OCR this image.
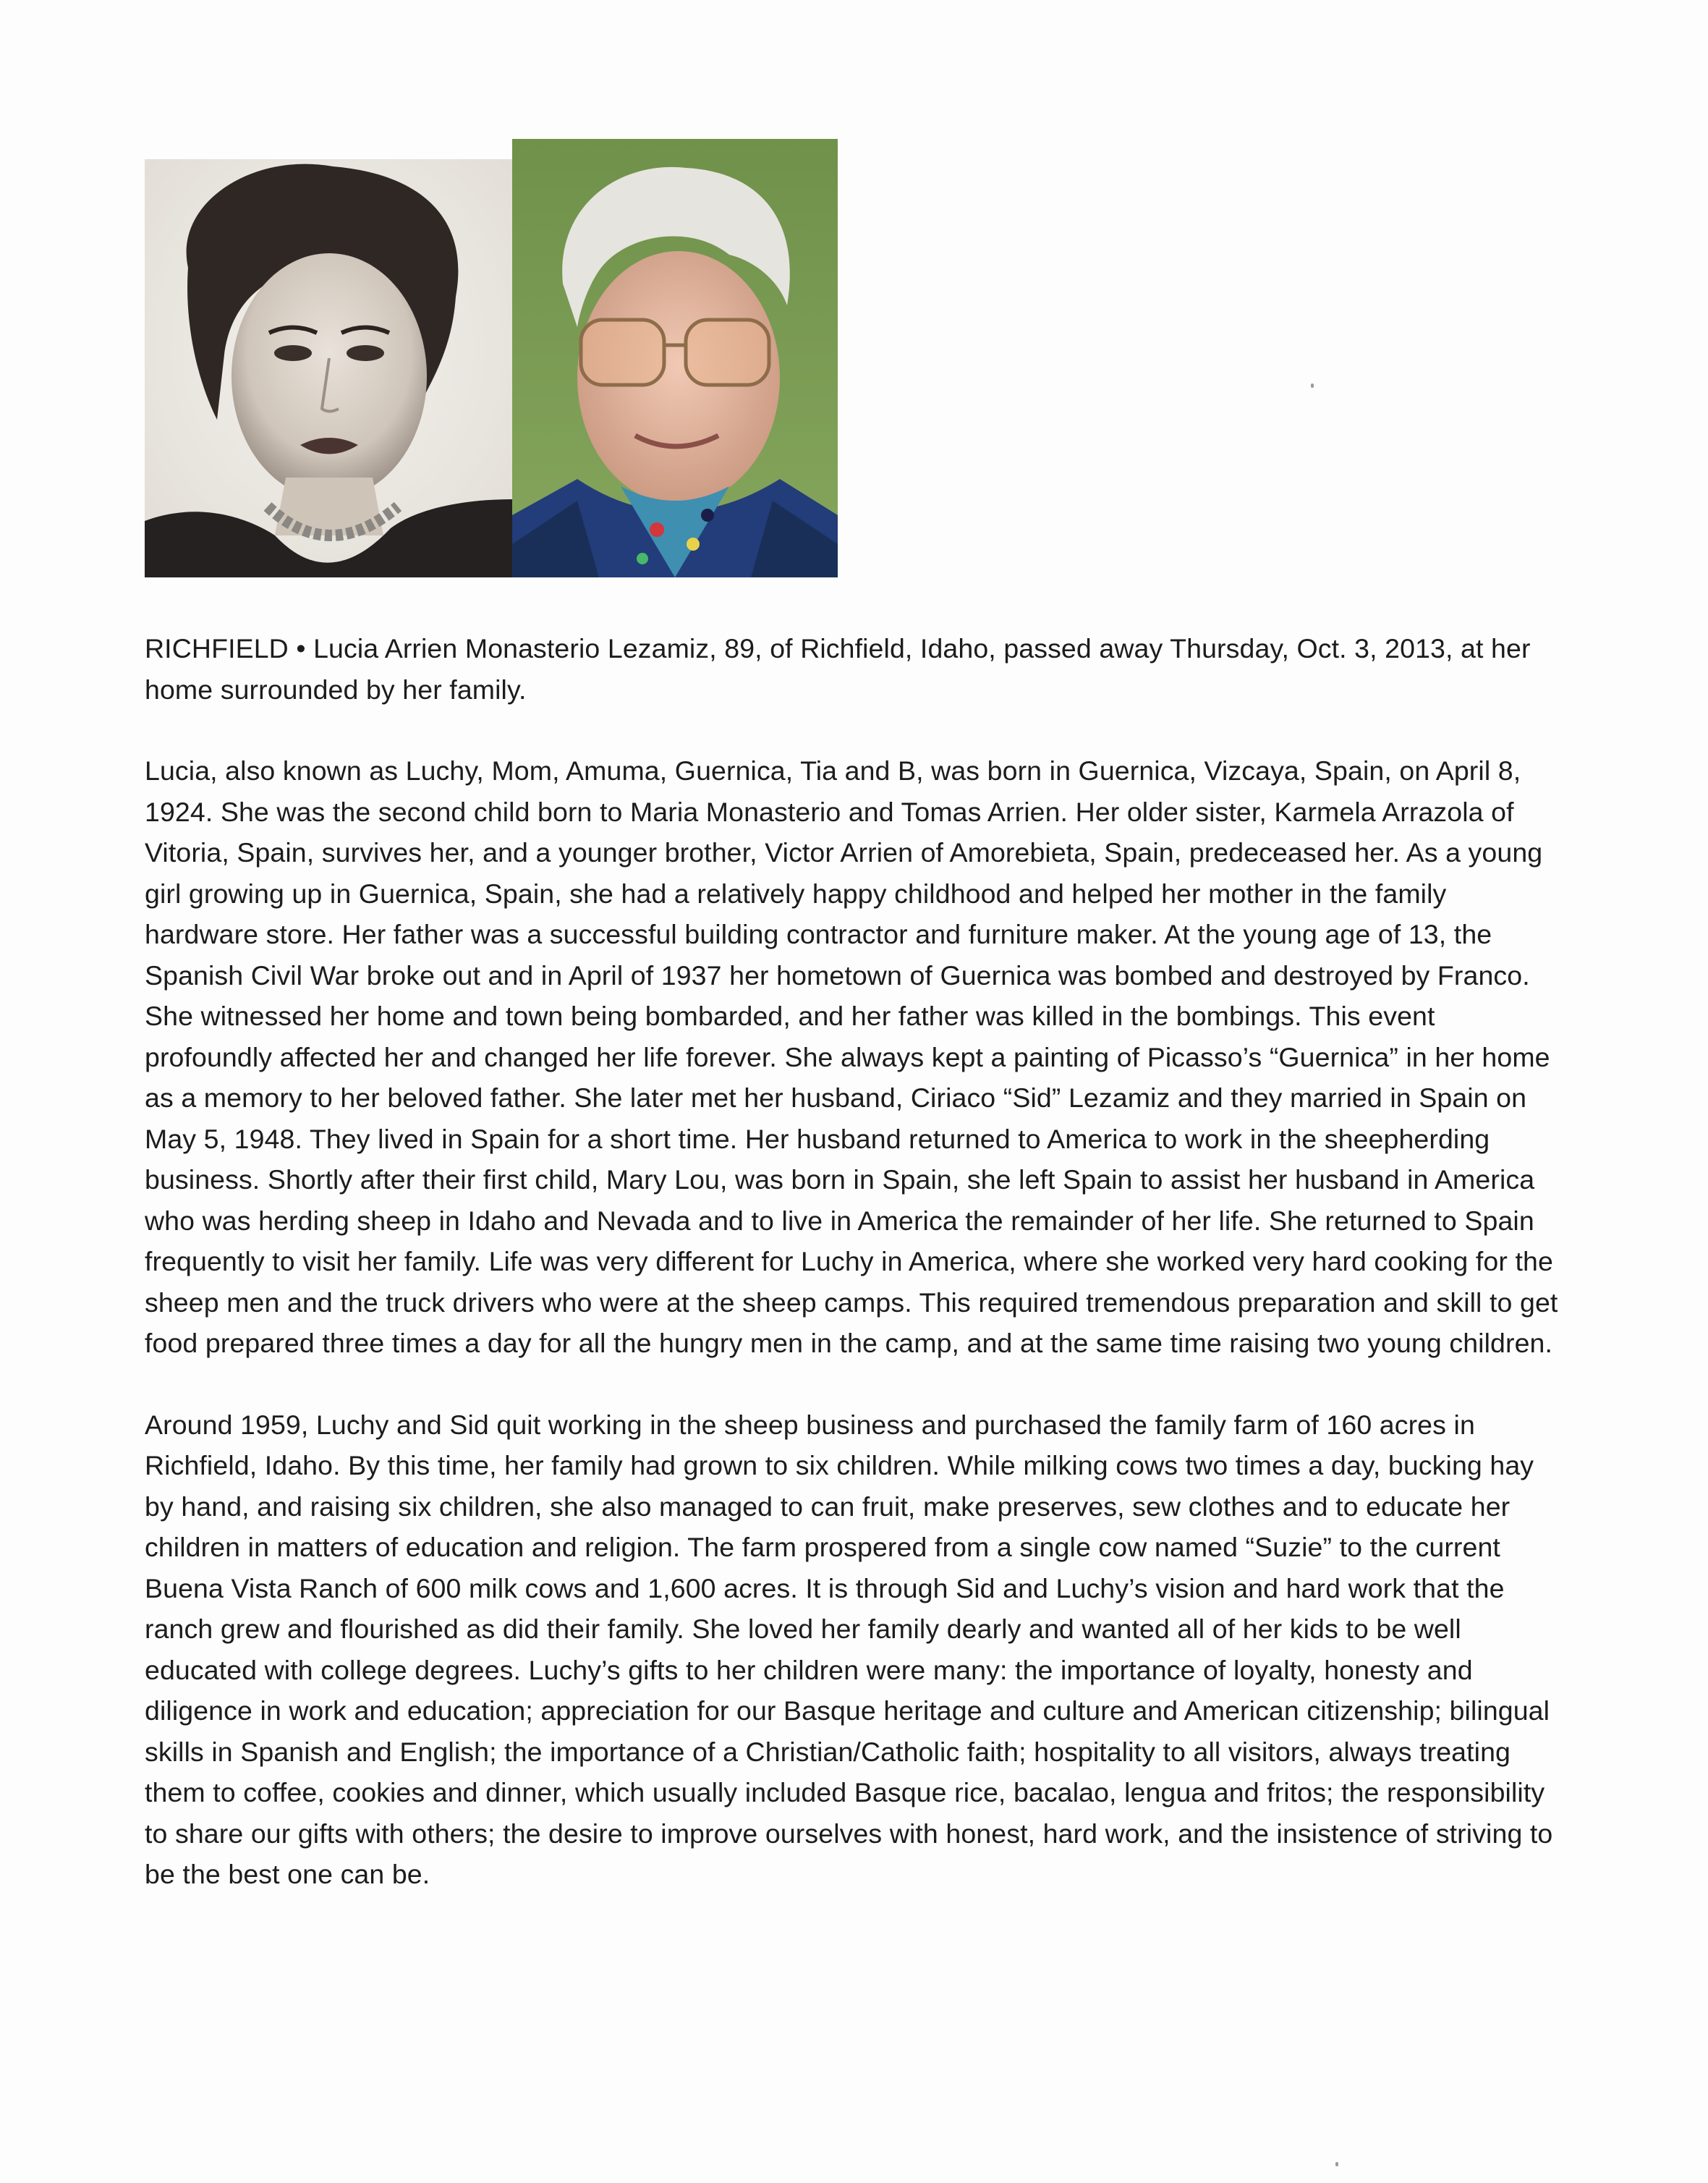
RICHFIELD • Lucia Arrien Monasterio Lezamiz, 89, of Richfield, Idaho, passed away Thursday, Oct. 3, 2013, at her home surrounded by her family.

Lucia, also known as Luchy, Mom, Amuma, Guernica, Tia and B, was born in Guernica, Vizcaya, Spain, on April 8, 1924. She was the second child born to Maria Monasterio and Tomas Arrien. Her older sister, Karmela Arrazola of Vitoria, Spain, survives her, and a younger brother, Victor Arrien of Amorebieta, Spain, predeceased her. As a young girl growing up in Guernica, Spain, she had a relatively happy childhood and helped her mother in the family hardware store. Her father was a successful building contractor and furniture maker. At the young age of 13, the Spanish Civil War broke out and in April of 1937 her hometown of Guernica was bombed and destroyed by Franco. She witnessed her home and town being bombarded, and her father was killed in the bombings. This event profoundly affected her and changed her life forever. She always kept a painting of Picasso’s “Guernica” in her home as a memory to her beloved father. She later met her husband, Ciriaco “Sid” Lezamiz and they married in Spain on May 5, 1948. They lived in Spain for a short time. Her husband returned to America to work in the sheepherding business. Shortly after their first child, Mary Lou, was born in Spain, she left Spain to assist her husband in America who was herding sheep in Idaho and Nevada and to live in America the remainder of her life. She returned to Spain frequently to visit her family. Life was very different for Luchy in America, where she worked very hard cooking for the sheep men and the truck drivers who were at the sheep camps. This required tremendous preparation and skill to get food prepared three times a day for all the hungry men in the camp, and at the same time raising two young children.

Around 1959, Luchy and Sid quit working in the sheep business and purchased the family farm of 160 acres in Richfield, Idaho. By this time, her family had grown to six children. While milking cows two times a day, bucking hay by hand, and raising six children, she also managed to can fruit, make preserves, sew clothes and to educate her children in matters of education and religion. The farm prospered from a single cow named “Suzie” to the current Buena Vista Ranch of 600 milk cows and 1,600 acres. It is through Sid and Luchy’s vision and hard work that the ranch grew and flourished as did their family. She loved her family dearly and wanted all of her kids to be well educated with college degrees. Luchy’s gifts to her children were many: the importance of loyalty, honesty and diligence in work and education; appreciation for our Basque heritage and culture and American citizenship; bilingual skills in Spanish and English; the importance of a Christian/Catholic faith; hospitality to all visitors, always treating them to coffee, cookies and dinner, which usually included Basque rice, bacalao, lengua and fritos; the responsibility to share our gifts with others; the desire to improve ourselves with honest, hard work, and the insistence of striving to be the best one can be.
